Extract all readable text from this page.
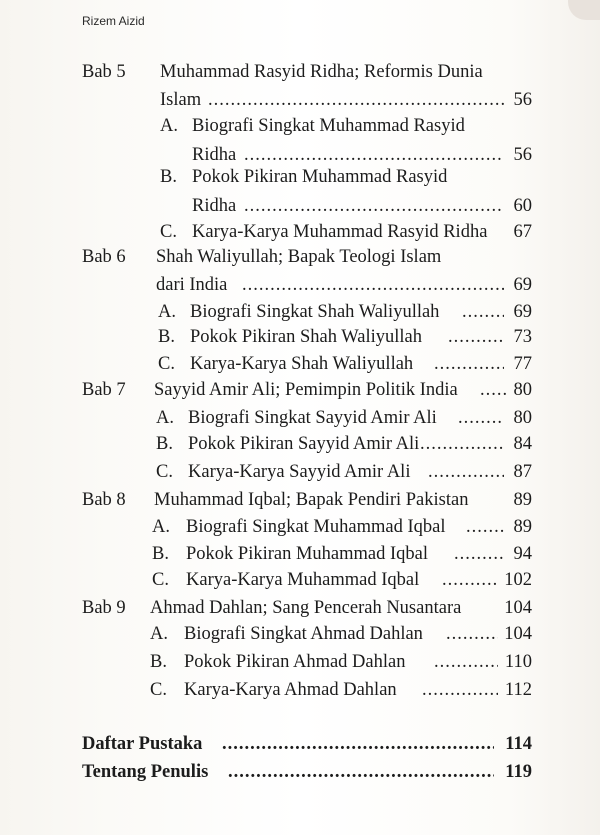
Rizem Aizid
Bab 5 Muhammad Rasyid Ridha; Reformis Dunia
Islam .....	56
A. Biografi Singkat Muhammad Rasyid
Ridha .....	56
B. Pokok Pikiran Muhammad Rasyid
Ridha .....	60
C. Karya-Karya Muhammad Rasyid Ridha 67
Bab 6 Shah Waliyullah; Bapak Teologi Islam
dari India .....	69
A. Biografi Singkat Shah Waliyullah .....	69
B. Pokok Pikiran Shah Waliyullah .....	73
C. Karya-Karya Shah Waliyullah .....	77
Bab 7 Sayyid Amir Ali; Pemimpin Politik India .....	80
A. Biografi Singkat Sayyid Amir Ali .....	80
B. Pokok Pikiran Sayyid Amir Ali .....	84
C. Karya-Karya Sayyid Amir Ali .....	87
Bab 8 Muhammad Iqbal; Bapak Pendiri Pakistan 89
A. Biografi Singkat Muhammad Iqbal .....	89
B. Pokok Pikiran Muhammad Iqbal .....	94
C. Karya-Karya Muhammad Iqbal .....	102
Bab 9 Ahmad Dahlan; Sang Pencerah Nusantara 104
A. Biografi Singkat Ahmad Dahlan .....	104
B. Pokok Pikiran Ahmad Dahlan .....	110
C. Karya-Karya Ahmad Dahlan .....	112
Daftar Pustaka .....	114
Tentang Penulis .....	119
